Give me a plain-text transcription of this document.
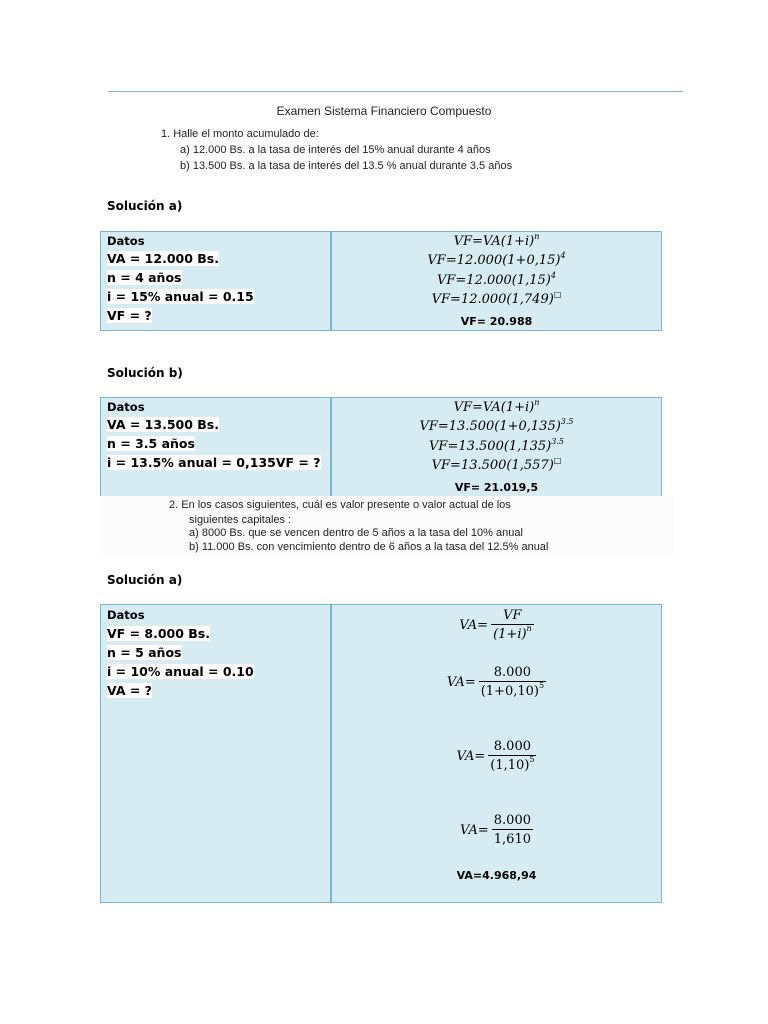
Examen Sistema Financiero Compuesto
1. Halle el monto acumulado de:
a) 12.000 Bs. a la tasa de interés del 15% anual durante 4 años
b) 13.500 Bs. a la tasa de interés del 13.5 % anual durante 3.5 años
Solución a)
Datos
VA = 12.000 Bs.
n = 4 años
i = 15% anual = 0.15
VF = ?
$VF=VA(1+i)^n$
$VF=12.000(1+0,15)^4$
$VF=12.000(1,15)^4$
VF=12.000(1,749)□
VF= 20.988
Solución b)
Datos
VA = 13.500 Bs.
n = 3.5 años
i = 13.5% anual = 0,135VF = ?
$VF=VA(1+i)^n$
$VF=13.500(1+0,135)^{3.5}$
$VF=13.500(1,135)^{3.5}$
VF=13.500(1,557)□
VF= 21.019,5
2. En los casos siguientes, cuál es valor presente o valor actual de los
siguientes capitales :
a) 8000 Bs. que se vencen dentro de 5 años a la tasa del 10% anual
b) 11.000 Bs. con vencimiento dentro de 6 años a la tasa del 12.5% anual
Solución a)
Datos
VF = 8.000 Bs.
n = 5 años
i = 10% anual = 0.10
VA = ?
$VA= \frac{VF}{(1+i)^n}$
$VA= \frac{8.000}{(1+0,10)^5}$
$VA= \frac{8.000}{(1,10)^5}$
$VA= \frac{8.000}{1,610}$
VA=4.968,94
